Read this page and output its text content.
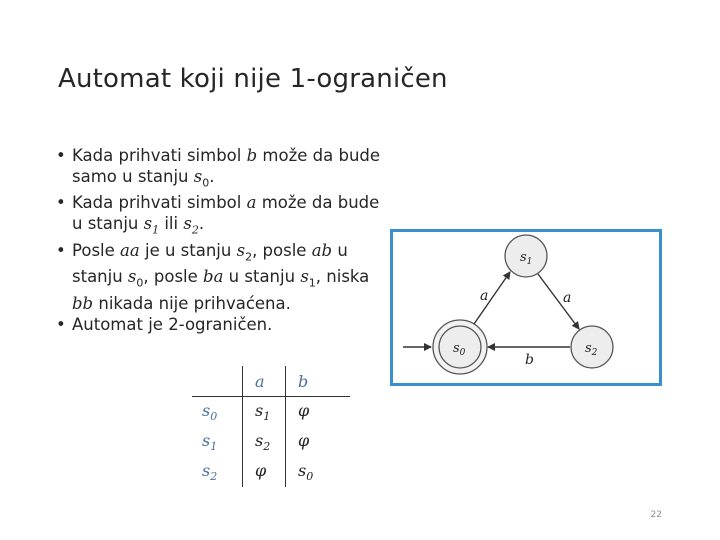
Automat koji nije 1-ograničen
• Kada prihvati simbol b može da bude samo u stanju $s_0$.
• Kada prihvati simbol a može da bude u stanju $s_1$ ili $s_2$.
• Posle aa je u stanju $s_2$, posle ab u stanju $s_0$, posle ba u stanju $s_1$, niska bb nikada nije prihvaćena.
• Automat je 2-ograničen.
	a	b
$s_0$	$s_1$	φ
$s_1$	$s_2$	φ
$s_2$	φ	$s_0$
$s_1$
$s_0$	$s_2$
a	a
b
22
